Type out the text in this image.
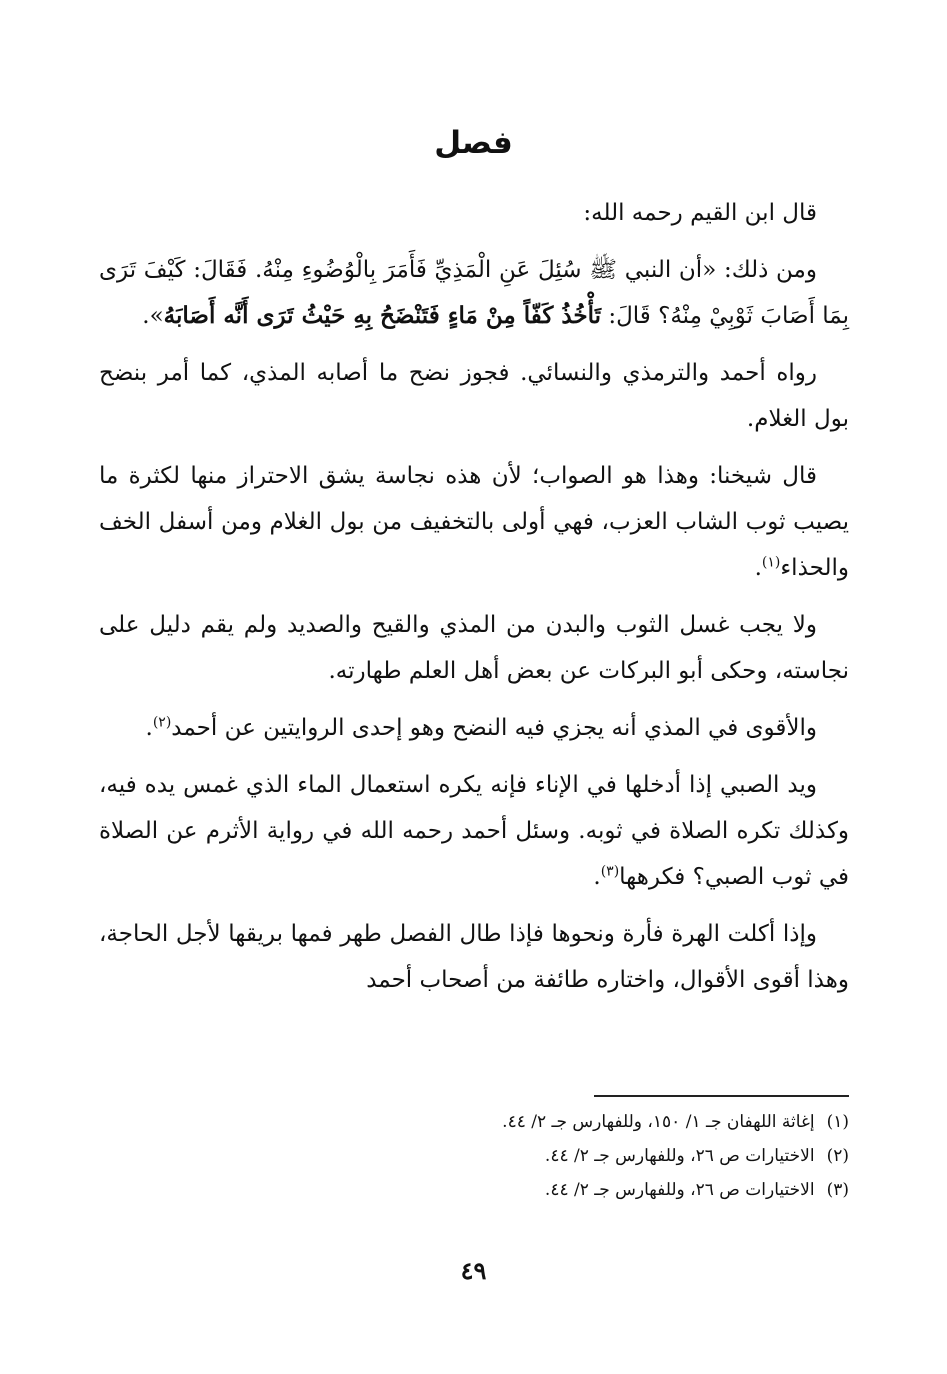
فصل

قال ابن القيم رحمه الله:

ومن ذلك: «أن النبي ﷺ سُئِلَ عَنِ الْمَذِيِّ فَأَمَرَ بِالْوُضُوءِ مِنْهُ. فَقَالَ: كَيْفَ تَرَى بِمَا أَصَابَ ثَوْبِيْ مِنْهُ؟ قَالَ: تَأْخُذُ كَفّاً مِنْ مَاءٍ فَتَنْضَحُ بِهِ حَيْثُ تَرَى أَنَّه أَصَابَهُ».

رواه أحمد والترمذي والنسائي. فجوز نضح ما أصابه المذي، كما أمر بنضح بول الغلام.

قال شيخنا: وهذا هو الصواب؛ لأن هذه نجاسة يشق الاحتراز منها لكثرة ما يصيب ثوب الشاب العزب، فهي أولى بالتخفيف من بول الغلام ومن أسفل الخف والحذاء$^{(١)}$.

ولا يجب غسل الثوب والبدن من المذي والقيح والصديد ولم يقم دليل على نجاسته، وحكى أبو البركات عن بعض أهل العلم طهارته.

والأقوى في المذي أنه يجزي فيه النضح وهو إحدى الروايتين عن أحمد$^{(٢)}$.

ويد الصبي إذا أدخلها في الإناء فإنه يكره استعمال الماء الذي غمس يده فيه، وكذلك تكره الصلاة في ثوبه. وسئل أحمد رحمه الله في رواية الأثرم عن الصلاة في ثوب الصبي؟ فكرهها$^{(٣)}$.

وإذا أكلت الهرة فأرة ونحوها فإذا طال الفصل طهر فمها بريقها لأجل الحاجة، وهذا أقوى الأقوال، واختاره طائفة من أصحاب أحمد

(١)
إغاثة اللهفان جـ ١/ ١٥٠، وللفهارس جـ ٢/ ٤٤.
(٢)
الاختيارات ص ٢٦، وللفهارس جـ ٢/ ٤٤.
(٣)
الاختيارات ص ٢٦، وللفهارس جـ ٢/ ٤٤.
٤٩
